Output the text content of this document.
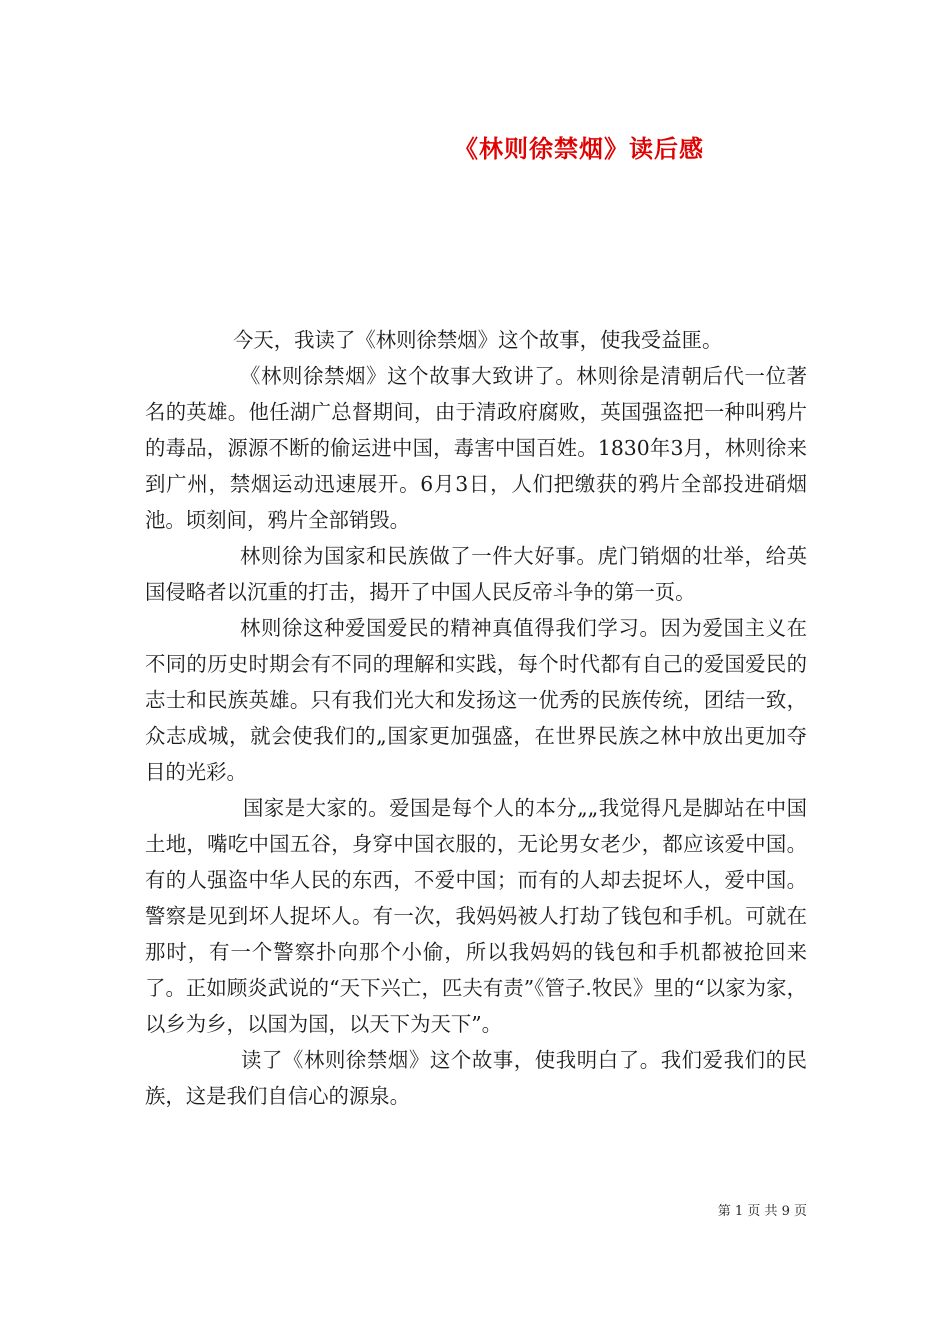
《林则徐禁烟》读后感

今天，我读了《林则徐禁烟》这个故事，使我受益匪。

《林则徐禁烟》这个故事大致讲了。林则徐是清朝后代一位著名的英雄。他任湖广总督期间，由于清政府腐败，英国强盗把一种叫鸦片的毒品，源源不断的偷运进中国，毒害中国百姓。1830年3月，林则徐来到广州，禁烟运动迅速展开。6月3日，人们把缴获的鸦片全部投进硝烟池。顷刻间，鸦片全部销毁。

林则徐为国家和民族做了一件大好事。虎门销烟的壮举，给英国侵略者以沉重的打击，揭开了中国人民反帝斗争的第一页。

林则徐这种爱国爱民的精神真值得我们学习。因为爱国主义在不同的历史时期会有不同的理解和实践，每个时代都有自己的爱国爱民的志士和民族英雄。只有我们光大和发扬这一优秀的民族传统，团结一致，众志成城，就会使我们的„国家更加强盛，在世界民族之林中放出更加夺目的光彩。

国家是大家的。爱国是每个人的本分„„我觉得凡是脚站在中国土地，嘴吃中国五谷，身穿中国衣服的，无论男女老少，都应该爱中国。有的人强盗中华人民的东西，不爱中国；而有的人却去捉坏人，爱中国。警察是见到坏人捉坏人。有一次，我妈妈被人打劫了钱包和手机。可就在那时，有一个警察扑向那个小偷，所以我妈妈的钱包和手机都被抢回来了。正如顾炎武说的“天下兴亡，匹夫有责”《管子.牧民》里的“以家为家，以乡为乡，以国为国，以天下为天下”。

读了《林则徐禁烟》这个故事，使我明白了。我们爱我们的民族，这是我们自信心的源泉。

第 1 页 共 9 页
